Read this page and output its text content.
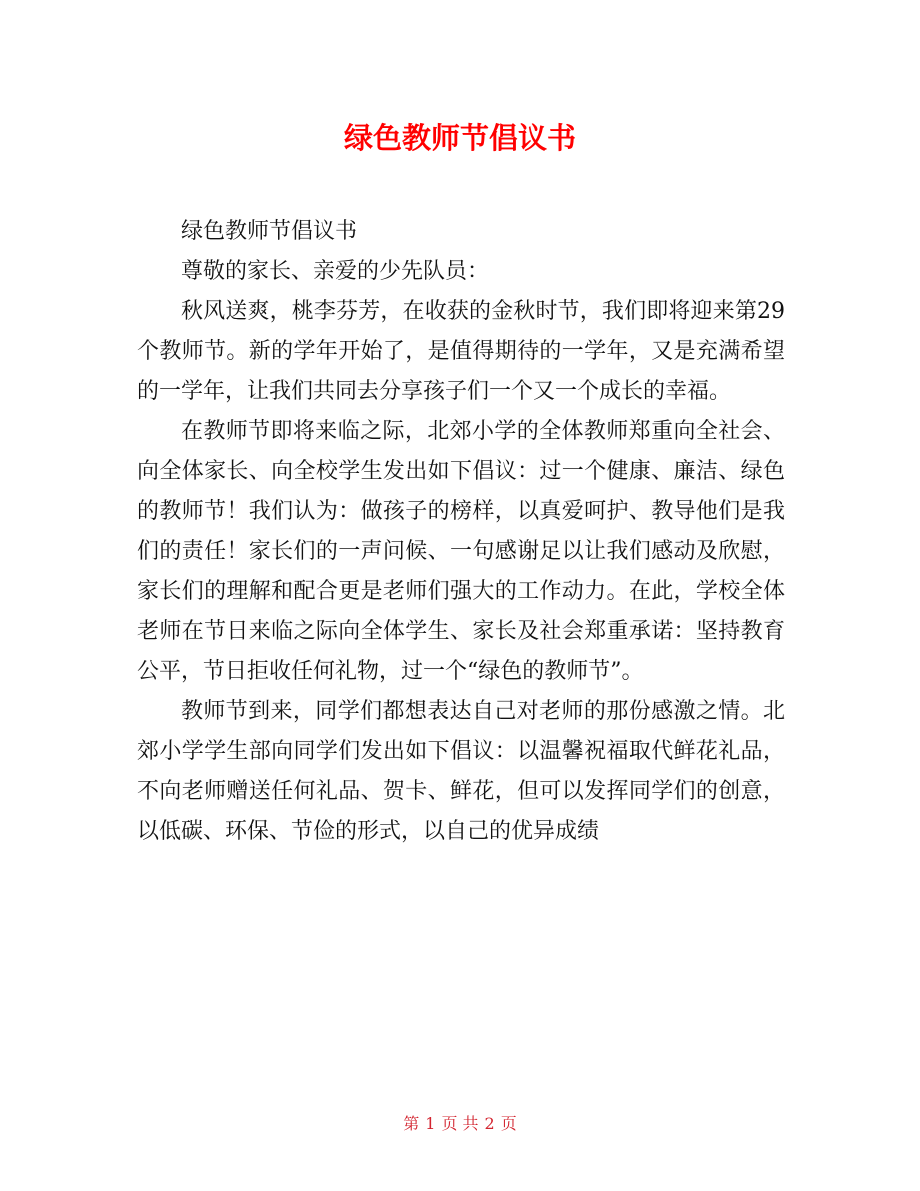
绿色教师节倡议书

绿色教师节倡议书

尊敬的家长、亲爱的少先队员：

秋风送爽，桃李芬芳，在收获的金秋时节，我们即将迎来第29个教师节。新的学年开始了，是值得期待的一学年，又是充满希望的一学年，让我们共同去分享孩子们一个又一个成长的幸福。

在教师节即将来临之际，北郊小学的全体教师郑重向全社会、向全体家长、向全校学生发出如下倡议：过一个健康、廉洁、绿色的教师节！我们认为：做孩子的榜样，以真爱呵护、教导他们是我们的责任！家长们的一声问候、一句感谢足以让我们感动及欣慰，家长们的理解和配合更是老师们强大的工作动力。在此，学校全体老师在节日来临之际向全体学生、家长及社会郑重承诺：坚持教育公平，节日拒收任何礼物，过一个“绿色的教师节”。

教师节到来，同学们都想表达自己对老师的那份感激之情。北郊小学学生部向同学们发出如下倡议：以温馨祝福取代鲜花礼品，不向老师赠送任何礼品、贺卡、鲜花，但可以发挥同学们的创意，以低碳、环保、节俭的形式，以自己的优异成绩

第 1 页 共 2 页
